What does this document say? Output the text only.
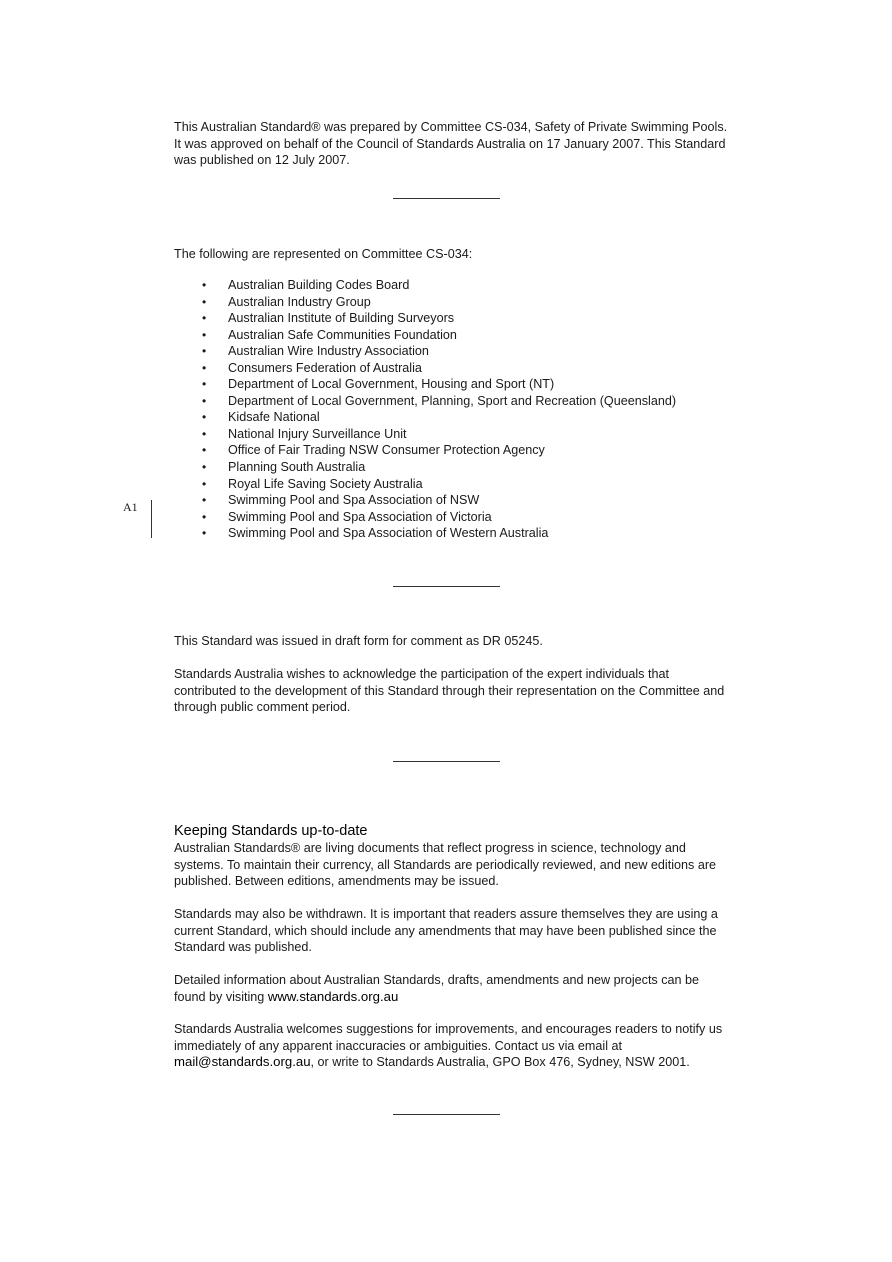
This Australian Standard® was prepared by Committee CS-034, Safety of Private Swimming Pools. It was approved on behalf of the Council of Standards Australia on 17 January 2007. This Standard was published on 12 July 2007.

The following are represented on Committee CS-034:

• Australian Building Codes Board
• Australian Industry Group
• Australian Institute of Building Surveyors
• Australian Safe Communities Foundation
• Australian Wire Industry Association
• Consumers Federation of Australia
• Department of Local Government, Housing and Sport (NT)
• Department of Local Government, Planning, Sport and Recreation (Queensland)
• Kidsafe National
• National Injury Surveillance Unit
• Office of Fair Trading NSW Consumer Protection Agency
• Planning South Australia
• Royal Life Saving Society Australia
• Swimming Pool and Spa Association of NSW
• Swimming Pool and Spa Association of Victoria
• Swimming Pool and Spa Association of Western Australia
A1

This Standard was issued in draft form for comment as DR 05245.

Standards Australia wishes to acknowledge the participation of the expert individuals that contributed to the development of this Standard through their representation on the Committee and through public comment period.

Keeping Standards up-to-date

Australian Standards® are living documents that reflect progress in science, technology and systems. To maintain their currency, all Standards are periodically reviewed, and new editions are published. Between editions, amendments may be issued.

Standards may also be withdrawn. It is important that readers assure themselves they are using a current Standard, which should include any amendments that may have been published since the Standard was published.

Detailed information about Australian Standards, drafts, amendments and new projects can be found by visiting www.standards.org.au

Standards Australia welcomes suggestions for improvements, and encourages readers to notify us immediately of any apparent inaccuracies or ambiguities. Contact us via email at mail@standards.org.au, or write to Standards Australia, GPO Box 476, Sydney, NSW 2001.
